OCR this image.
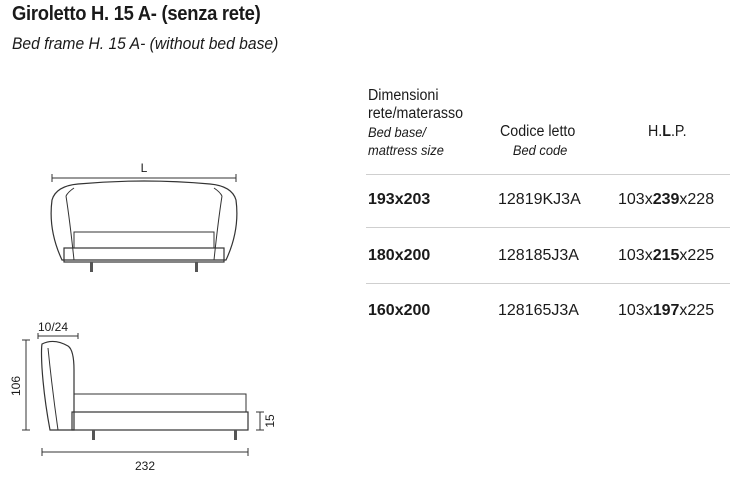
Giroletto H. 15 A- (senza rete)
Bed frame H. 15 A- (without bed base)
L
10/24
106
15
232
Dimensioni
rete/materasso
Bed base/
mattress size
Codice letto
Bed code
H.L.P.
193x203	12819KJ3A 103x239x228
180x200	128185J3A 103x215x225
160x200	128165J3A 103x197x225
